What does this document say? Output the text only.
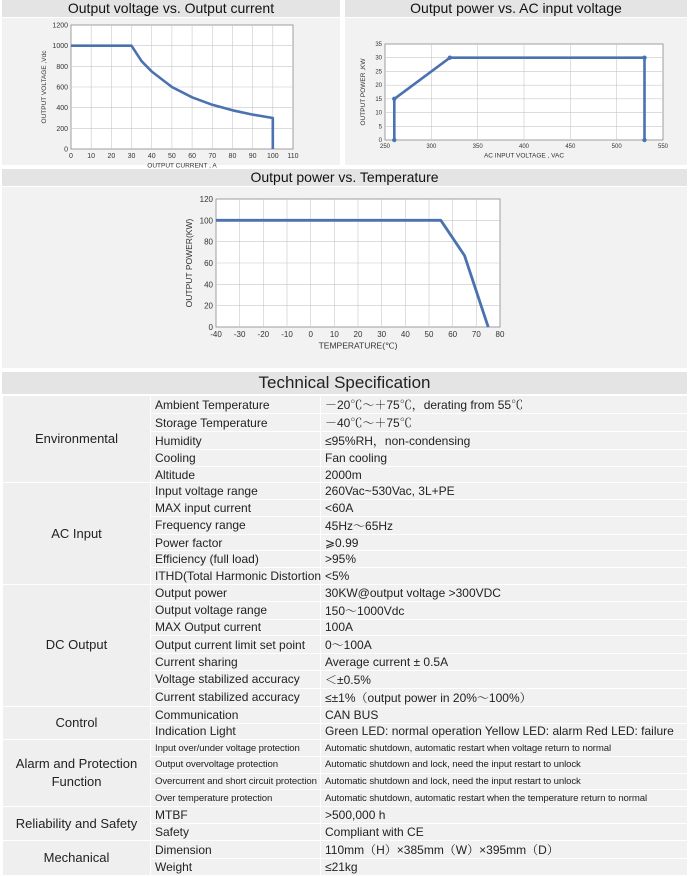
Output voltage vs. Output current
0 10 20 30 40 50 60 70 80 90 100 110
0
200
400
600
800
1000
1200
OUTPUT CURRENT , A
OUTPUT VOLTAGE ,Vdc
Output power vs. AC input voltage
250	300	350	400	450	500	550
0
5
10
15
20
25
30
35
AC INPUT VOLTAGE , VAC
OUTPUT POWER ,KW
Output power vs. Temperature
-40 -30 -20 -10 0 10 20 30 40 50 60 70 80
0
20
40
60
80
100
120
TEMPERATURE(℃)
OUTPUT POWER(KW)
Technical Specification
Environmental	Ambient Temperature	－20℃～＋75℃，derating from 55℃
	Storage Temperature	－40℃～＋75℃
	Humidity	≤95%RH，non-condensing
	Cooling	Fan cooling
	Altitude	2000m
AC Input	Input voltage range	260Vac~530Vac, 3L+PE
	MAX input current	<60A
	Frequency range	45Hz～65Hz
	Power factor	⩾0.99
	Efficiency (full load)	>95%
	ITHD(Total Harmonic Distortion	<5%
DC Output	Output power	30KW@output voltage >300VDC
	Output voltage range	150～1000Vdc
	MAX Output current	100A
	Output current limit set point	0～100A
	Current sharing	Average current ± 0.5A
	Voltage stabilized accuracy	＜±0.5%
	Current stabilized accuracy	≤±1%（output power in 20%～100%）
Control	Communication	CAN BUS
	Indication Light	Green LED: normal operation Yellow LED: alarm Red LED: failure
Alarm and Protection Function	Input over/under voltage protection	Automatic shutdown, automatic restart when voltage return to normal
	Output overvoltage protection	Automatic shutdown and lock, need the input restart to unlock
	Overcurrent and short circuit protection	Automatic shutdown and lock, need the input restart to unlock
	Over temperature protection	Automatic shutdown, automatic restart when the temperature return to normal
Reliability and Safety	MTBF	>500,000 h
	Safety	Compliant with CE
Mechanical	Dimension	110mm（H）×385mm（W）×395mm（D）
	Weight	≤21kg
